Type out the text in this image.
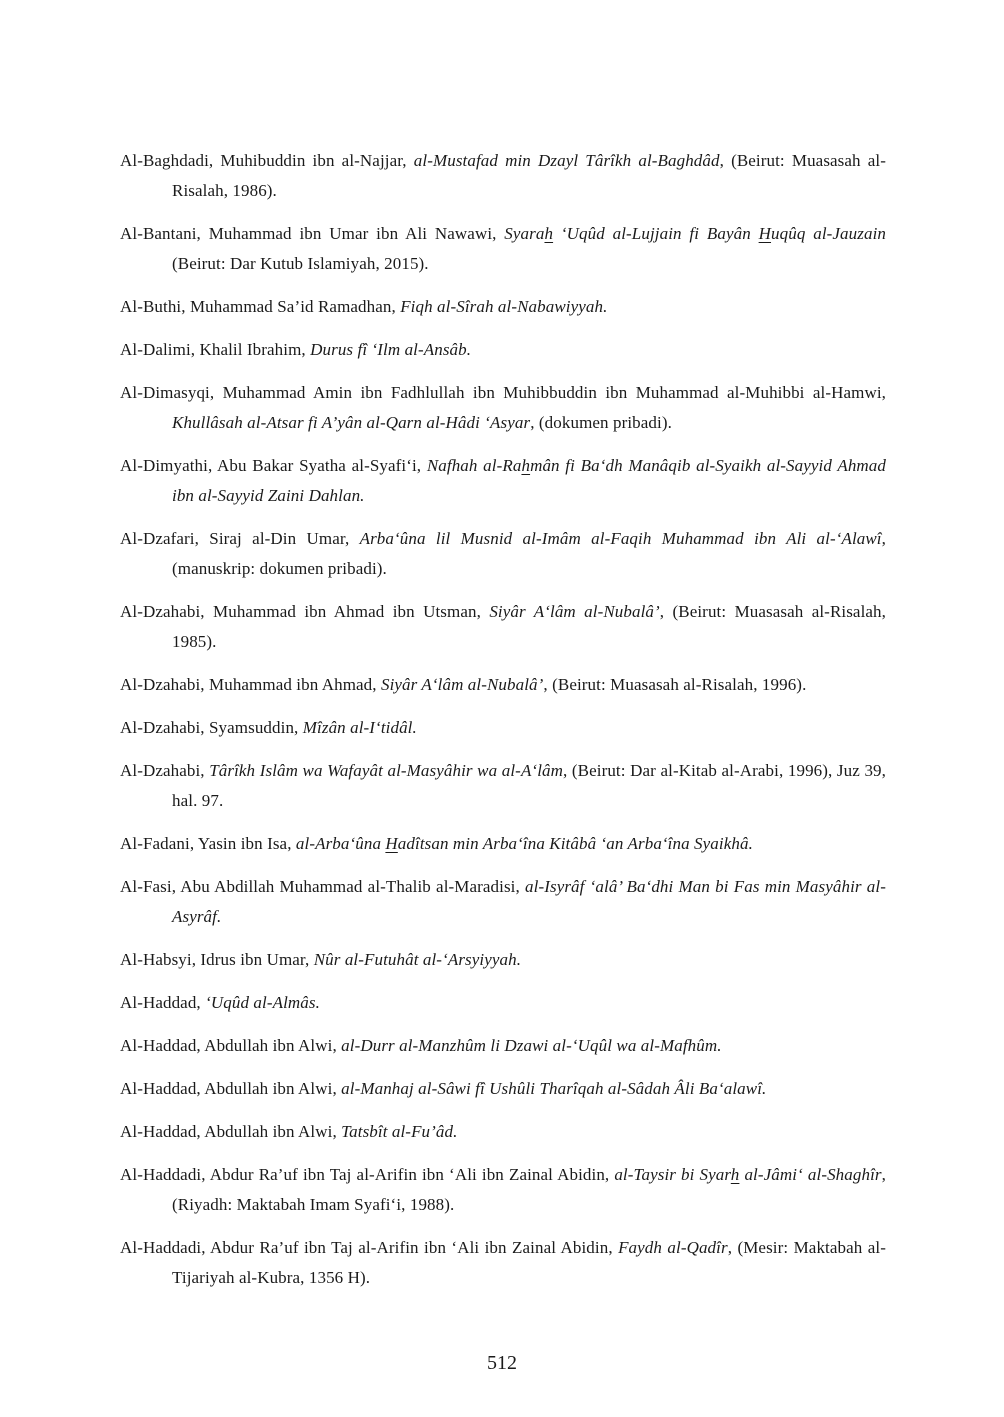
Al-Baghdadi, Muhibuddin ibn al-Najjar, al-Mustafad min Dzayl Târîkh al-Baghdâd, (Beirut: Muasasah al-Risalah, 1986).

Al-Bantani, Muhammad ibn Umar ibn Ali Nawawi, Syarah ‘Uqûd al-Lujjain fi Bayân Huqûq al-Jauzain (Beirut: Dar Kutub Islamiyah, 2015).

Al-Buthi, Muhammad Sa’id Ramadhan, Fiqh al-Sîrah al-Nabawiyyah.

Al-Dalimi, Khalil Ibrahim, Durus fî ‘Ilm al-Ansâb.

Al-Dimasyqi, Muhammad Amin ibn Fadhlullah ibn Muhibbuddin ibn Muhammad al-Muhibbi al-Hamwi, Khullâsah al-Atsar fi A’yân al-Qarn al-Hâdi ‘Asyar, (dokumen pribadi).

Al-Dimyathi, Abu Bakar Syatha al-Syafi‘i, Nafhah al-Rahmân fi Ba‘dh Manâqib al-Syaikh al-Sayyid Ahmad ibn al-Sayyid Zaini Dahlan.

Al-Dzafari, Siraj al-Din Umar, Arba‘ûna lil Musnid al-Imâm al-Faqih Muhammad ibn Ali al-‘Alawî, (manuskrip: dokumen pribadi).

Al-Dzahabi, Muhammad ibn Ahmad ibn Utsman, Siyâr A‘lâm al-Nubalâ’, (Beirut: Muasasah al-Risalah, 1985).

Al-Dzahabi, Muhammad ibn Ahmad, Siyâr A‘lâm al-Nubalâ’, (Beirut: Muasasah al-Risalah, 1996).

Al-Dzahabi, Syamsuddin, Mîzân al-I‘tidâl.

Al-Dzahabi, Târîkh Islâm wa Wafayât al-Masyâhir wa al-A‘lâm, (Beirut: Dar al-Kitab al-Arabi, 1996), Juz 39, hal. 97.

Al-Fadani, Yasin ibn Isa, al-Arba‘ûna Hadîtsan min Arba‘îna Kitâbâ ‘an Arba‘îna Syaikhâ.

Al-Fasi, Abu Abdillah Muhammad al-Thalib al-Maradisi, al-Isyrâf ‘alâ’ Ba‘dhi Man bi Fas min Masyâhir al-Asyrâf.

Al-Habsyi, Idrus ibn Umar, Nûr al-Futuhât al-‘Arsyiyyah.

Al-Haddad, ‘Uqûd al-Almâs.

Al-Haddad, Abdullah ibn Alwi, al-Durr al-Manzhûm li Dzawi al-‘Uqûl wa al-Mafhûm.

Al-Haddad, Abdullah ibn Alwi, al-Manhaj al-Sâwi fî Ushûli Tharîqah al-Sâdah Âli Ba‘alawî.

Al-Haddad, Abdullah ibn Alwi, Tatsbît al-Fu’âd.

Al-Haddadi, Abdur Ra’uf ibn Taj al-Arifin ibn ‘Ali ibn Zainal Abidin, al-Taysir bi Syarh al-Jâmi‘ al-Shaghîr, (Riyadh: Maktabah Imam Syafi‘i, 1988).

Al-Haddadi, Abdur Ra’uf ibn Taj al-Arifin ibn ‘Ali ibn Zainal Abidin, Faydh al-Qadîr, (Mesir: Maktabah al-Tijariyah al-Kubra, 1356 H).

512
